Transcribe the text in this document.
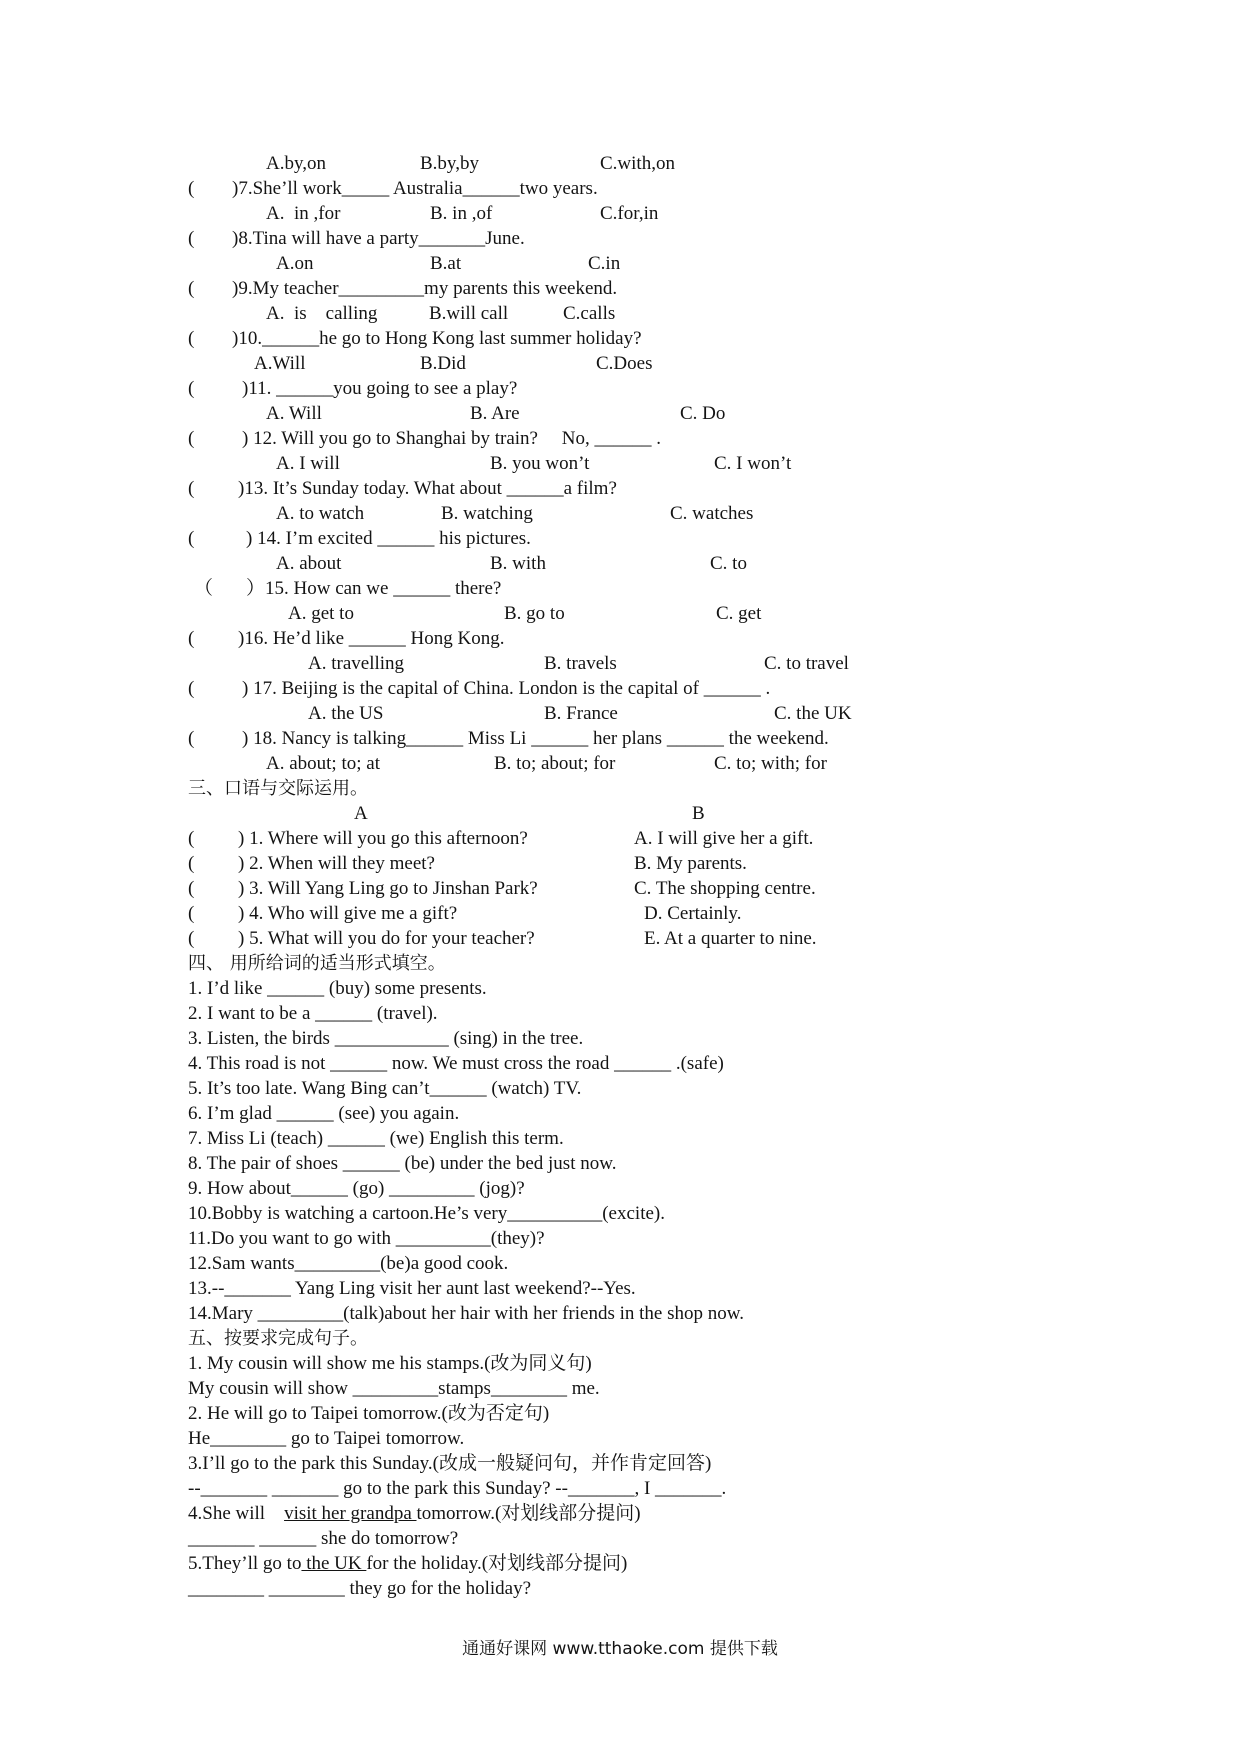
A.by,on	B.by,by	C.with,on
( )7.She’ll work_____ Australia______two years.
A.  in ,for	B. in ,of	C.for,in
( )8.Tina will have a party_______June.
A.on	B.at	C.in
( )9.My teacher_________my parents this weekend.
A.  is    calling	B.will call	C.calls
( )10.______he go to Hong Kong last summer holiday?
A.Will	B.Did	C.Does
(	)11. ______you going to see a play?
A. Will	B. Are	C. Do
(	) 12. Will you go to Shanghai by train?     No, ______ .
A. I will	B. you won’t	C. I won’t
( )13. It’s Sunday today. What about ______a film?
A. to watch	B. watching	C. watches
(	) 14. I’m excited ______ his pictures.
A. about	B. with	C. to
（ ）15. How can we ______ there?
A. get to	B. go to	C. get
( )16. He’d like ______ Hong Kong.
A. travelling	B. travels	C. to travel
(	) 17. Beijing is the capital of China. London is the capital of ______ .
A. the US	B. France	C. the UK
(	) 18. Nancy is talking______ Miss Li ______ her plans ______ the weekend.
A. about; to; at	B. to; about; for	C. to; with; for
三、口语与交际运用。
A	B
( ) 1. Where will you go this afternoon?	A. I will give her a gift.
( ) 2. When will they meet?	B. My parents.
( ) 3. Will Yang Ling go to Jinshan Park?	C. The shopping centre.
( ) 4. Who will give me a gift?	D. Certainly.
( ) 5. What will you do for your teacher?	E. At a quarter to nine.
四、 用所给词的适当形式填空。
1. I’d like ______ (buy) some presents.
2. I want to be a ______ (travel).
3. Listen, the birds ____________ (sing) in the tree.
4. This road is not ______ now. We must cross the road ______ .(safe)
5. It’s too late. Wang Bing can’t______ (watch) TV.
6. I’m glad ______ (see) you again.
7. Miss Li (teach) ______ (we) English this term.
8. The pair of shoes ______ (be) under the bed just now.
9. How about______ (go) _________ (jog)?
10.Bobby is watching a cartoon.He’s very__________(excite).
11.Do you want to go with __________(they)?
12.Sam wants_________(be)a good cook.
13.--_______ Yang Ling visit her aunt last weekend?--Yes.
14.Mary _________(talk)about her hair with her friends in the shop now.
五、按要求完成句子。
1. My cousin will show me his stamps.(改为同义句)
My cousin will show _________stamps________ me.
2. He will go to Taipei tomorrow.(改为否定句)
He________ go to Taipei tomorrow.
3.I’ll go to the park this Sunday.(改成一般疑问句，并作肯定回答)
--_______ _______ go to the park this Sunday? --_______, I _______.
4.She will    visit her grandpa tomorrow.(对划线部分提问)
_______ ______ she do tomorrow?
5.They’ll go to the UK for the holiday.(对划线部分提问)
________ ________ they go for the holiday?
通通好课网 www.tthaoke.com 提供下载
